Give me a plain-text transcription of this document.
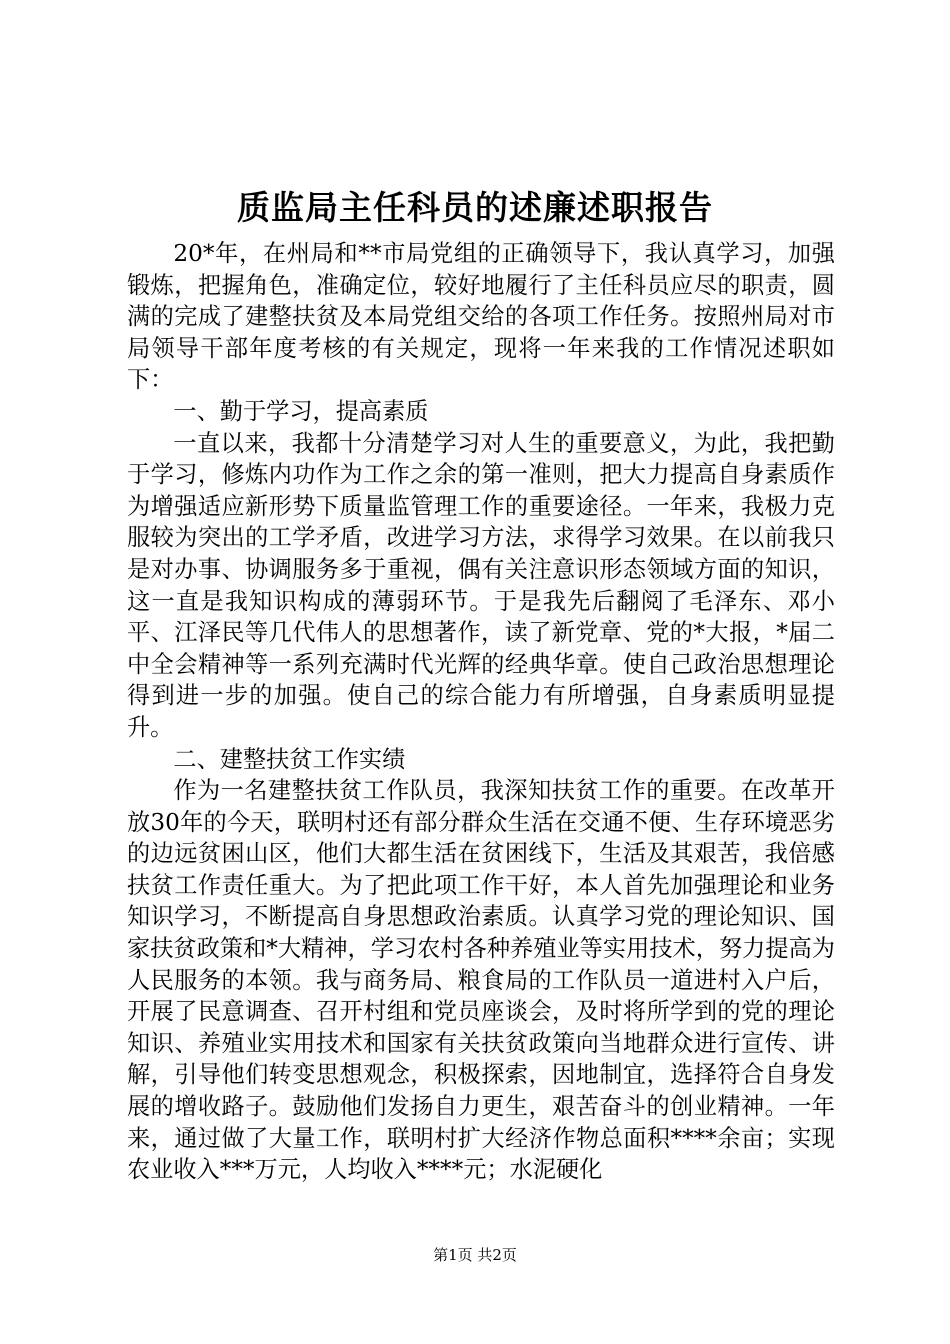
质监局主任科员的述廉述职报告

20*年，在州局和**市局党组的正确领导下，我认真学习，加强锻炼，把握角色，准确定位，较好地履行了主任科员应尽的职责，圆满的完成了建整扶贫及本局党组交给的各项工作任务。按照州局对市局领导干部年度考核的有关规定，现将一年来我的工作情况述职如下：

一、勤于学习，提高素质

一直以来，我都十分清楚学习对人生的重要意义，为此，我把勤于学习，修炼内功作为工作之余的第一准则，把大力提高自身素质作为增强适应新形势下质量监管理工作的重要途径。一年来，我极力克服较为突出的工学矛盾，改进学习方法，求得学习效果。在以前我只是对办事、协调服务多于重视，偶有关注意识形态领域方面的知识，这一直是我知识构成的薄弱环节。于是我先后翻阅了毛泽东、邓小平、江泽民等几代伟人的思想著作，读了新党章、党的*大报，*届二中全会精神等一系列充满时代光辉的经典华章。使自己政治思想理论得到进一步的加强。使自己的综合能力有所增强，自身素质明显提升。

二、建整扶贫工作实绩

作为一名建整扶贫工作队员，我深知扶贫工作的重要。在改革开放30年的今天，联明村还有部分群众生活在交通不便、生存环境恶劣的边远贫困山区，他们大都生活在贫困线下，生活及其艰苦，我倍感扶贫工作责任重大。为了把此项工作干好，本人首先加强理论和业务知识学习，不断提高自身思想政治素质。认真学习党的理论知识、国家扶贫政策和*大精神，学习农村各种养殖业等实用技术，努力提高为人民服务的本领。我与商务局、粮食局的工作队员一道进村入户后，开展了民意调查、召开村组和党员座谈会，及时将所学到的党的理论知识、养殖业实用技术和国家有关扶贫政策向当地群众进行宣传、讲解，引导他们转变思想观念，积极探索，因地制宜，选择符合自身发展的增收路子。鼓励他们发扬自力更生，艰苦奋斗的创业精神。一年来，通过做了大量工作，联明村扩大经济作物总面积****余亩；实现农业收入***万元，人均收入****元；水泥硬化

第1页 共2页
